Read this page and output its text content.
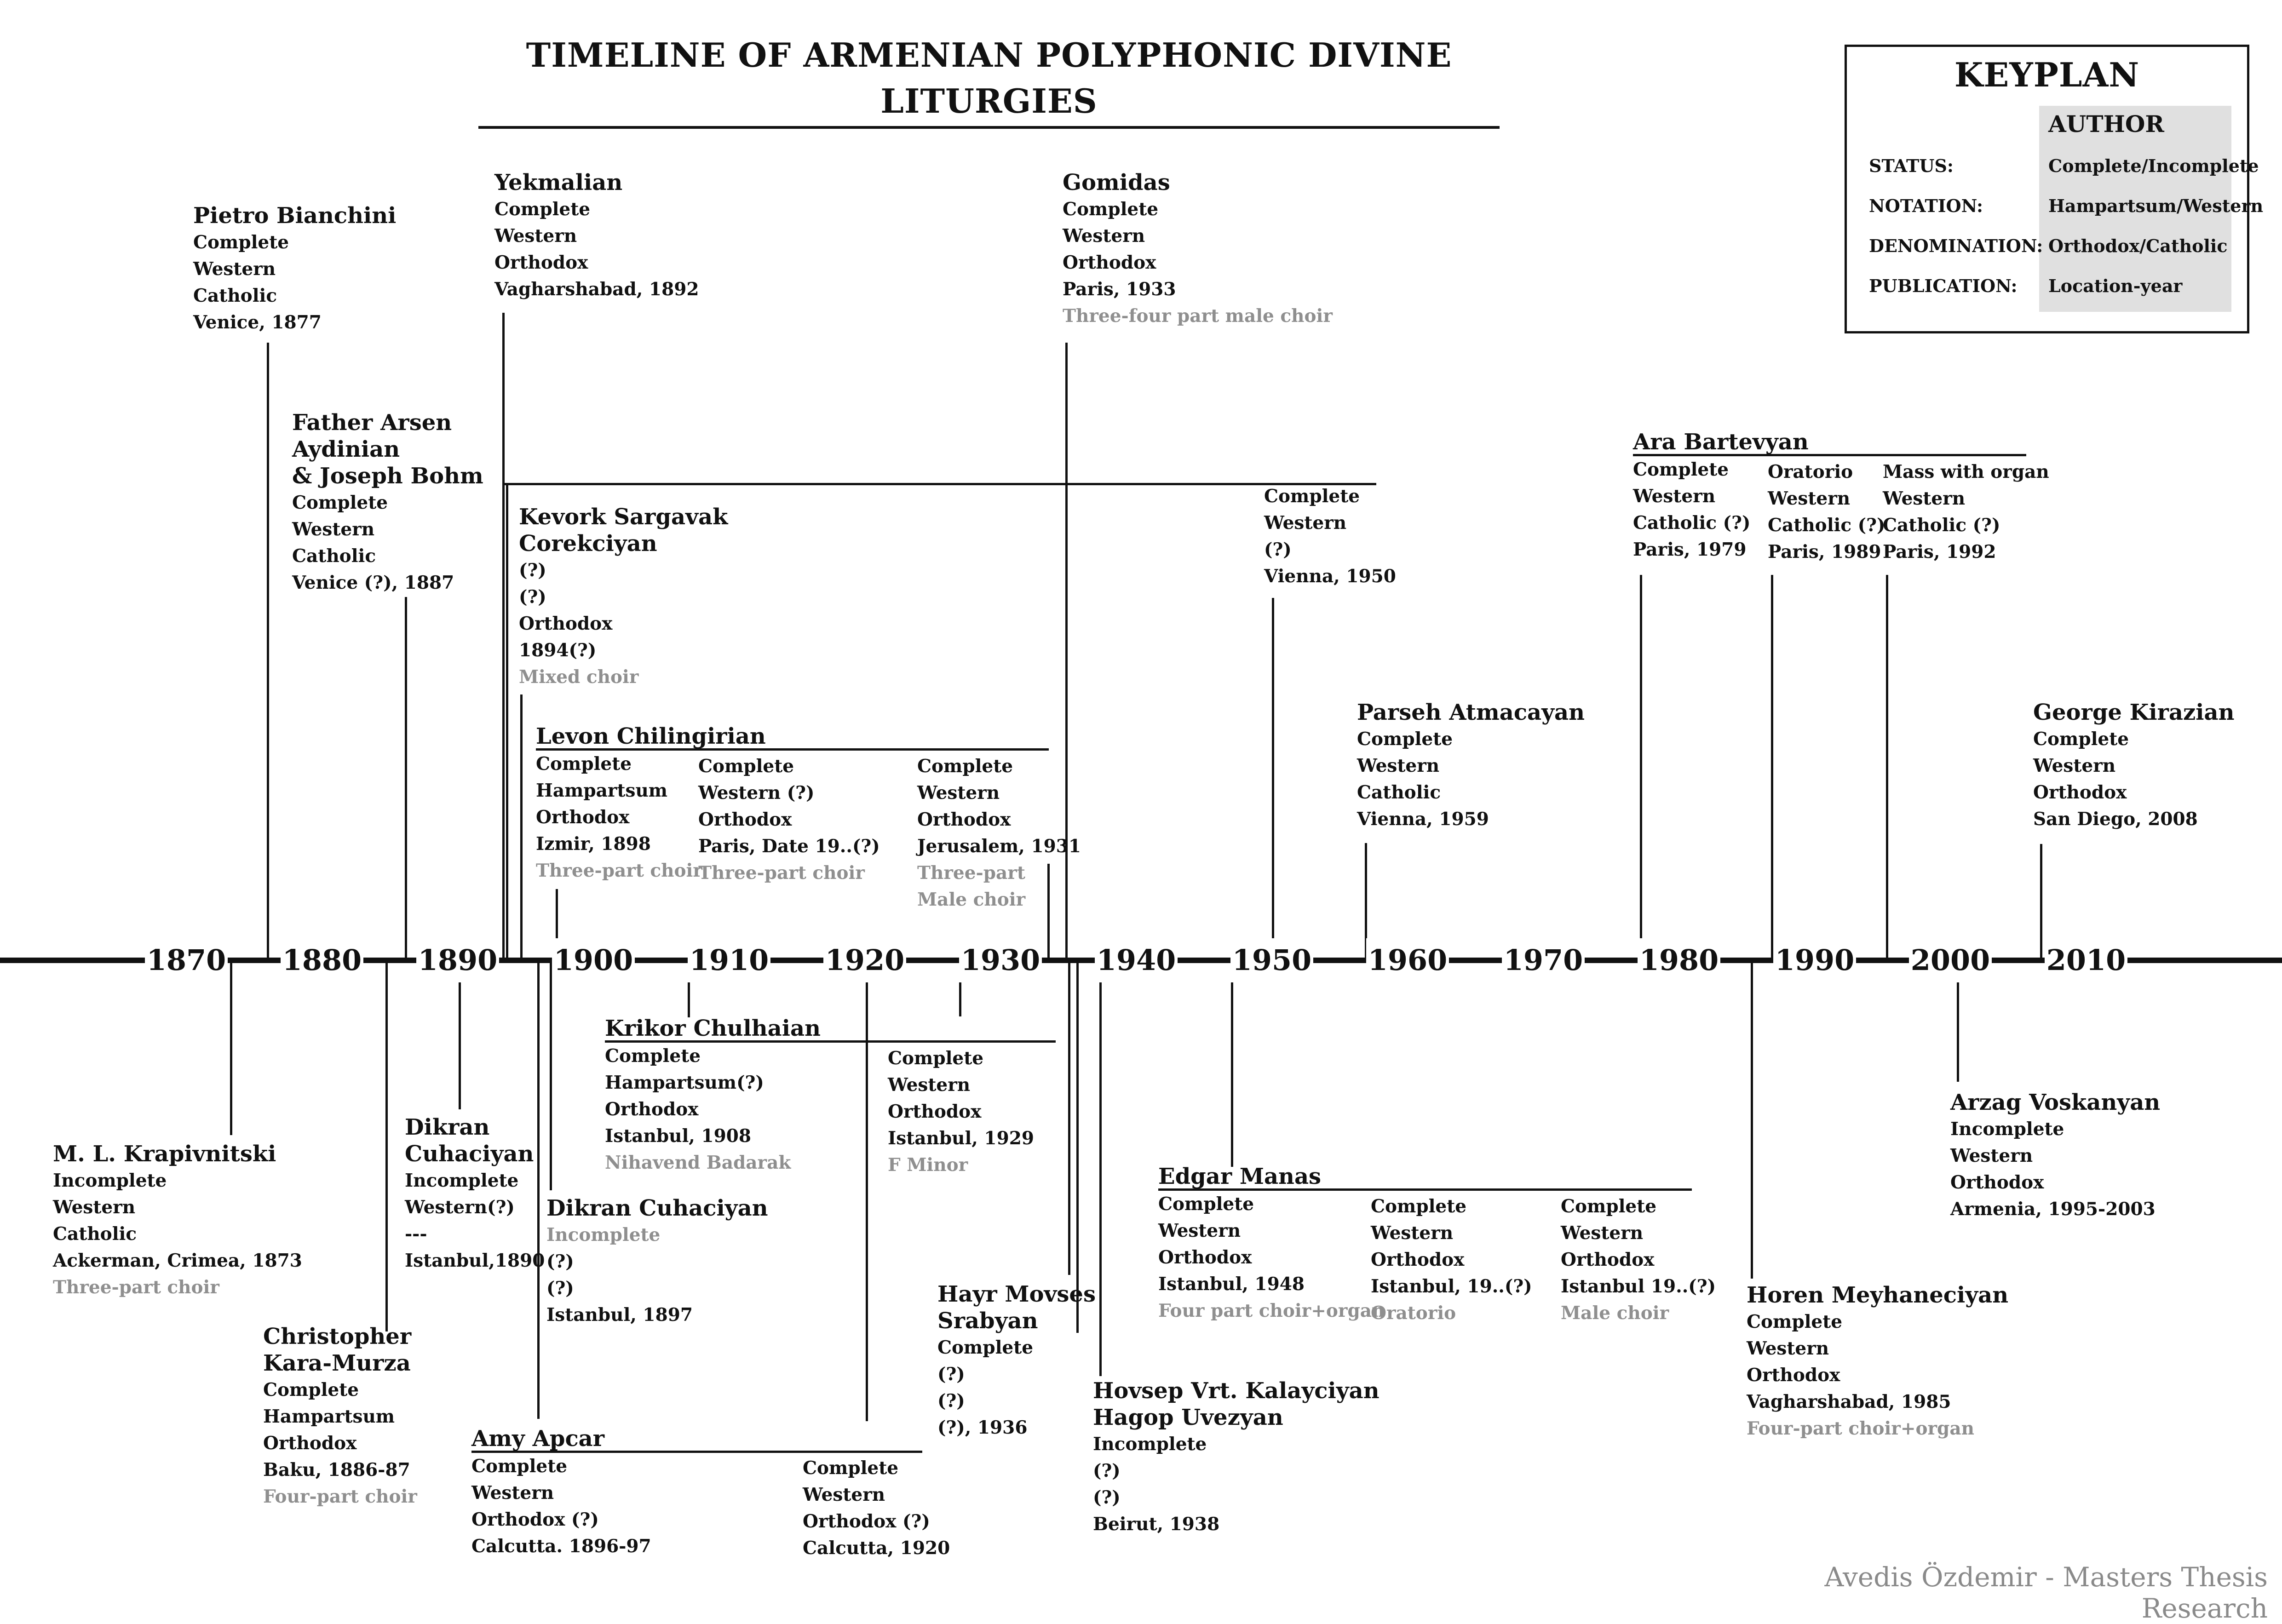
TIMELINE OF ARMENIAN POLYPHONIC DIVINE LITURGIES
KEYPLAN
AUTHOR
STATUS:	Complete/Incomplete
NOTATION:	Hampartsum/Western
DENOMINATION: Orthodox/Catholic
PUBLICATION: Location-year
Avedis Özdemir - Masters Thesis Research
1870 1880 1890 1900 1910 1920 1930 1940 1950 1960 1970 1980 1990 2000 2010
Pietro Bianchini
Complete
Western
Catholic
Venice, 1877
Yekmalian
Complete
Western
Orthodox
Vagharshabad, 1892
Gomidas
Complete
Western
Orthodox
Paris, 1933
Three-four part male choir
Father Arsen
Aydinian
& Joseph Bohm
Complete
Western
Catholic
Venice (?), 1887
Complete
Western
(?)
Vienna, 1950
Kevork Sargavak
Corekciyan
(?)
(?)
Orthodox
1894(?)
Mixed choir
Levon Chilingirian
Complete
Hampartsum
Orthodox
Izmir, 1898
Three-part choir
Complete
Western (?)
Orthodox
Paris, Date 19..(?)
Three-part choir
Complete
Western
Orthodox
Jerusalem, 1931
Three-part
Male choir
Parseh Atmacayan
Complete
Western
Catholic
Vienna, 1959
Ara Bartevyan
Complete
Western
Catholic (?)
Paris, 1979
Oratorio
Western
Catholic (?)
Paris, 1989
Mass with organ
Western
Catholic (?)
Paris, 1992
George Kirazian
Complete
Western
Orthodox
San Diego, 2008
M. L. Krapivnitski
Incomplete
Western
Catholic
Ackerman, Crimea, 1873
Three-part choir
Dikran
Cuhaciyan
Incomplete
Western(?)
---
Istanbul,1890
Christopher
Kara-Murza
Complete
Hampartsum
Orthodox
Baku, 1886-87
Four-part choir
Krikor Chulhaian
Complete
Hampartsum(?)
Orthodox
Istanbul, 1908
Nihavend Badarak
Complete
Western
Orthodox
Istanbul, 1929
F Minor
Dikran Cuhaciyan
Incomplete
(?)
(?)
Istanbul, 1897
Amy Apcar
Complete
Western
Orthodox (?)
Calcutta. 1896-97
Complete
Western
Orthodox (?)
Calcutta, 1920
Hayr Movses
Srabyan
Complete
(?)
(?)
(?), 1936
Hovsep Vrt. Kalayciyan
Hagop Uvezyan
Incomplete
(?)
(?)
Beirut, 1938
Edgar Manas
Complete
Western
Orthodox
Istanbul, 1948
Four part choir+organ
Complete
Western
Orthodox
Istanbul, 19..(?)
Oratorio
Complete
Western
Orthodox
Istanbul 19..(?)
Male choir
Arzag Voskanyan
Incomplete
Western
Orthodox
Armenia, 1995-2003
Horen Meyhaneciyan
Complete
Western
Orthodox
Vagharshabad, 1985
Four-part choir+organ
